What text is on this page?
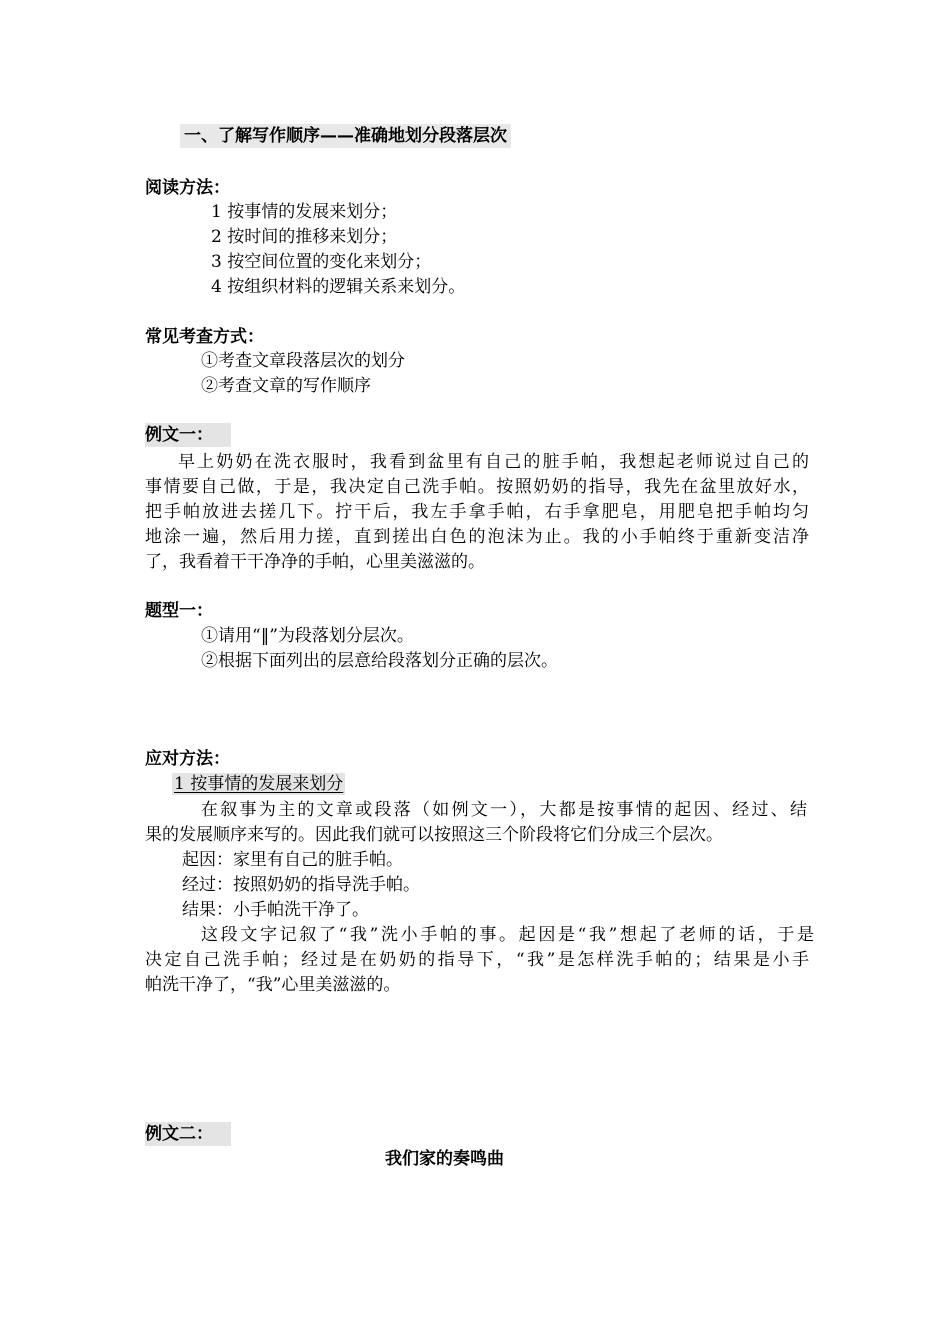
一、了解写作顺序——准确地划分段落层次
阅读方法：
1 按事情的发展来划分；
2 按时间的推移来划分；
3 按空间位置的变化来划分；
4 按组织材料的逻辑关系来划分。
常见考查方式：
①考查文章段落层次的划分
②考查文章的写作顺序
例文一：
早上奶奶在洗衣服时，我看到盆里有自己的脏手帕，我想起老师说过自己的
事情要自己做，于是，我决定自己洗手帕。按照奶奶的指导，我先在盆里放好水，
把手帕放进去搓几下。拧干后，我左手拿手帕，右手拿肥皂，用肥皂把手帕均匀
地涂一遍，然后用力搓，直到搓出白色的泡沫为止。我的小手帕终于重新变洁净
了，我看着干干净净的手帕，心里美滋滋的。
题型一：
①请用“‖”为段落划分层次。
②根据下面列出的层意给段落划分正确的层次。
应对方法：
1 按事情的发展来划分
在叙事为主的文章或段落（如例文一），大都是按事情的起因、经过、结
果的发展顺序来写的。因此我们就可以按照这三个阶段将它们分成三个层次。
起因：家里有自己的脏手帕。
经过：按照奶奶的指导洗手帕。
结果：小手帕洗干净了。
这段文字记叙了“我”洗小手帕的事。起因是“我”想起了老师的话，于是
决定自己洗手帕；经过是在奶奶的指导下，“我”是怎样洗手帕的；结果是小手
帕洗干净了，“我”心里美滋滋的。
例文二：
我们家的奏鸣曲
